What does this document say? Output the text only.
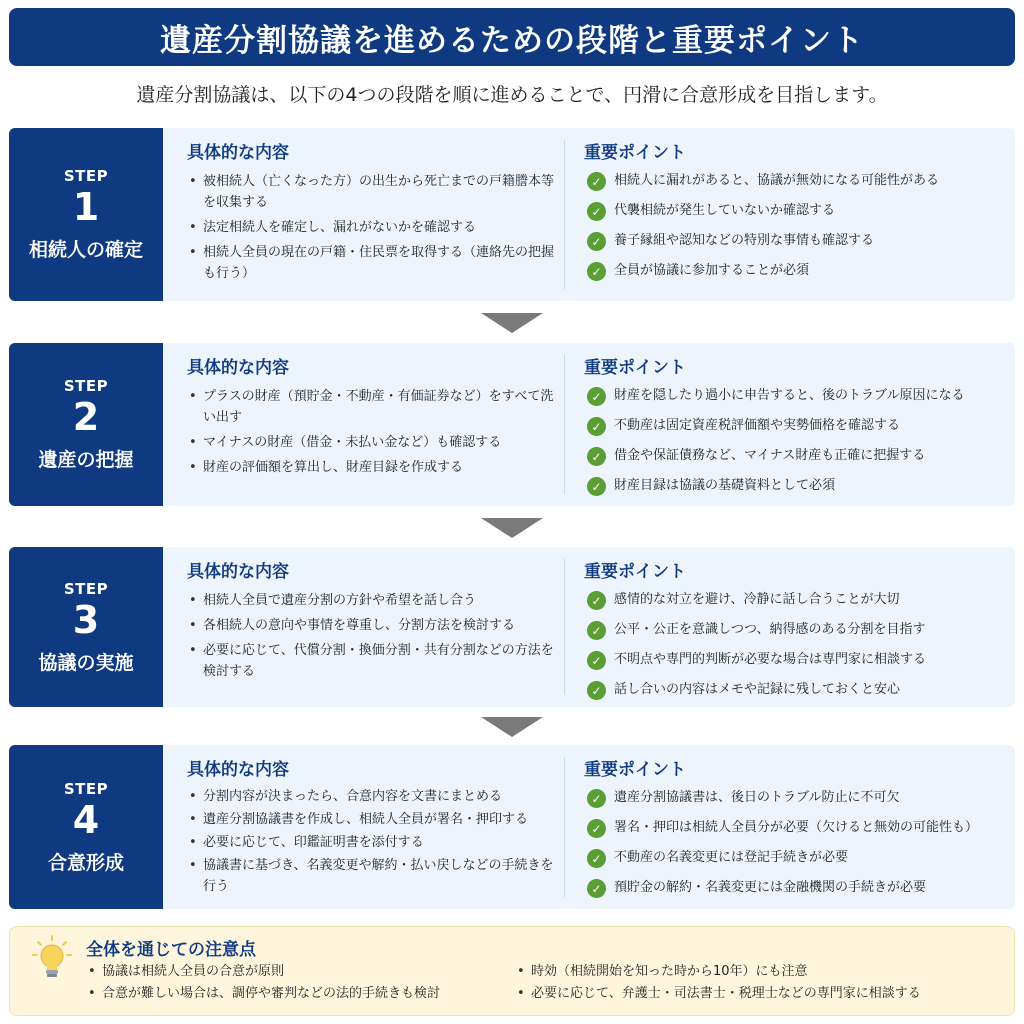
遺産分割協議を進めるための段階と重要ポイント
遺産分割協議は、以下の4つの段階を順に進めることで、円滑に合意形成を目指します。
STEP
1
相続人の確定
具体的な内容
• 被相続人（亡くなった方）の出生から死亡までの戸籍謄本等を収集する
• 法定相続人を確定し、漏れがないかを確認する
• 相続人全員の現在の戸籍・住民票を取得する（連絡先の把握も行う）
重要ポイント
✓ 相続人に漏れがあると、協議が無効になる可能性がある
✓ 代襲相続が発生していないか確認する
✓ 養子縁組や認知などの特別な事情も確認する
✓ 全員が協議に参加することが必須
STEP
2
遺産の把握
具体的な内容
• プラスの財産（預貯金・不動産・有価証券など）をすべて洗い出す
• マイナスの財産（借金・未払い金など）も確認する
• 財産の評価額を算出し、財産目録を作成する
重要ポイント
✓ 財産を隠したり過小に申告すると、後のトラブル原因になる
✓ 不動産は固定資産税評価額や実勢価格を確認する
✓ 借金や保証債務など、マイナス財産も正確に把握する
✓ 財産目録は協議の基礎資料として必須
STEP
3
協議の実施
具体的な内容
• 相続人全員で遺産分割の方針や希望を話し合う
• 各相続人の意向や事情を尊重し、分割方法を検討する
• 必要に応じて、代償分割・換価分割・共有分割などの方法を検討する
重要ポイント
✓ 感情的な対立を避け、冷静に話し合うことが大切
✓ 公平・公正を意識しつつ、納得感のある分割を目指す
✓ 不明点や専門的判断が必要な場合は専門家に相談する
✓ 話し合いの内容はメモや記録に残しておくと安心
STEP
4
合意形成
具体的な内容
• 分割内容が決まったら、合意内容を文書にまとめる
• 遺産分割協議書を作成し、相続人全員が署名・押印する
• 必要に応じて、印鑑証明書を添付する
• 協議書に基づき、名義変更や解約・払い戻しなどの手続きを行う
重要ポイント
✓ 遺産分割協議書は、後日のトラブル防止に不可欠
✓ 署名・押印は相続人全員分が必要（欠けると無効の可能性も）
✓ 不動産の名義変更には登記手続きが必要
✓ 預貯金の解約・名義変更には金融機関の手続きが必要
全体を通じての注意点
• 協議は相続人全員の合意が原則
• 合意が難しい場合は、調停や審判などの法的手続きも検討
• 時効（相続開始を知った時から10年）にも注意
• 必要に応じて、弁護士・司法書士・税理士などの専門家に相談する
